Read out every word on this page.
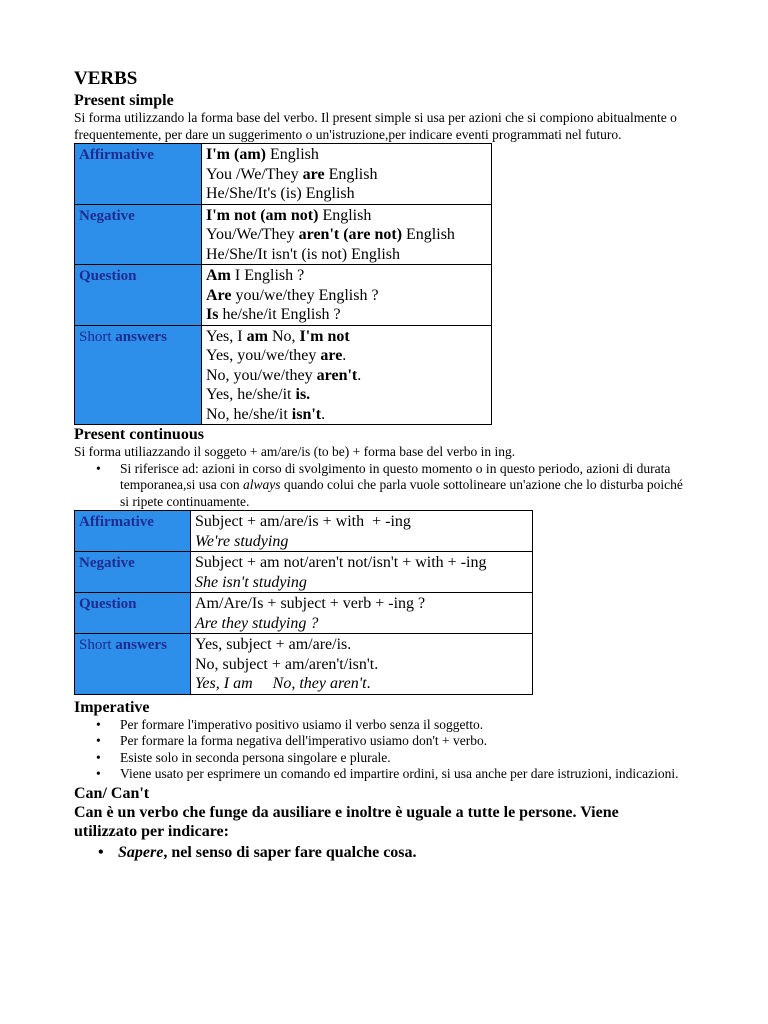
VERBS
Present simple
Si forma utilizzando la forma base del verbo. Il present simple si usa per azioni che si compiono abitualmente o frequentemente, per dare un suggerimento o un'istruzione,per indicare eventi programmati nel futuro.
Affirmative	I'm (am) English
You /We/They are English
He/She/It's (is) English

Negative	I'm not (am not) English
You/We/They aren't (are not) English
He/She/It isn't (is not) English

Question	Am I English ?
Are you/we/they English ?
Is he/she/it English ?

Short answers	Yes, I am No, I'm not
Yes, you/we/they are.
No, you/we/they aren't.
Yes, he/she/it is.
No, he/she/it isn't.
Present continuous
Si forma utiliazzando il soggeto + am/are/is (to be) + forma base del verbo in ing.
• Si riferisce ad: azioni in corso di svolgimento in questo momento o in questo periodo, azioni di durata temporanea,si usa con always quando colui che parla vuole sottolineare un'azione che lo disturba poiché si ripete continuamente.
Affirmative	Subject + am/are/is + with  + -ing
We're studying

Negative	Subject + am not/aren't not/isn't + with + -ing
She isn't studying

Question	Am/Are/Is + subject + verb + -ing ?
Are they studying ?

Short answers	Yes, subject + am/are/is.
No, subject + am/aren't/isn't.
Yes, I am     No, they aren't.
Imperative
• Per formare l'imperativo positivo usiamo il verbo senza il soggetto.
• Per formare la forma negativa dell'imperativo usiamo don't + verbo.
• Esiste solo in seconda persona singolare e plurale.
• Viene usato per esprimere un comando ed impartire ordini, si usa anche per dare istruzioni, indicazioni.
Can/ Can't
Can è un verbo che funge da ausiliare e inoltre è uguale a tutte le persone. Viene utilizzato per indicare:
• Sapere, nel senso di saper fare qualche cosa.
